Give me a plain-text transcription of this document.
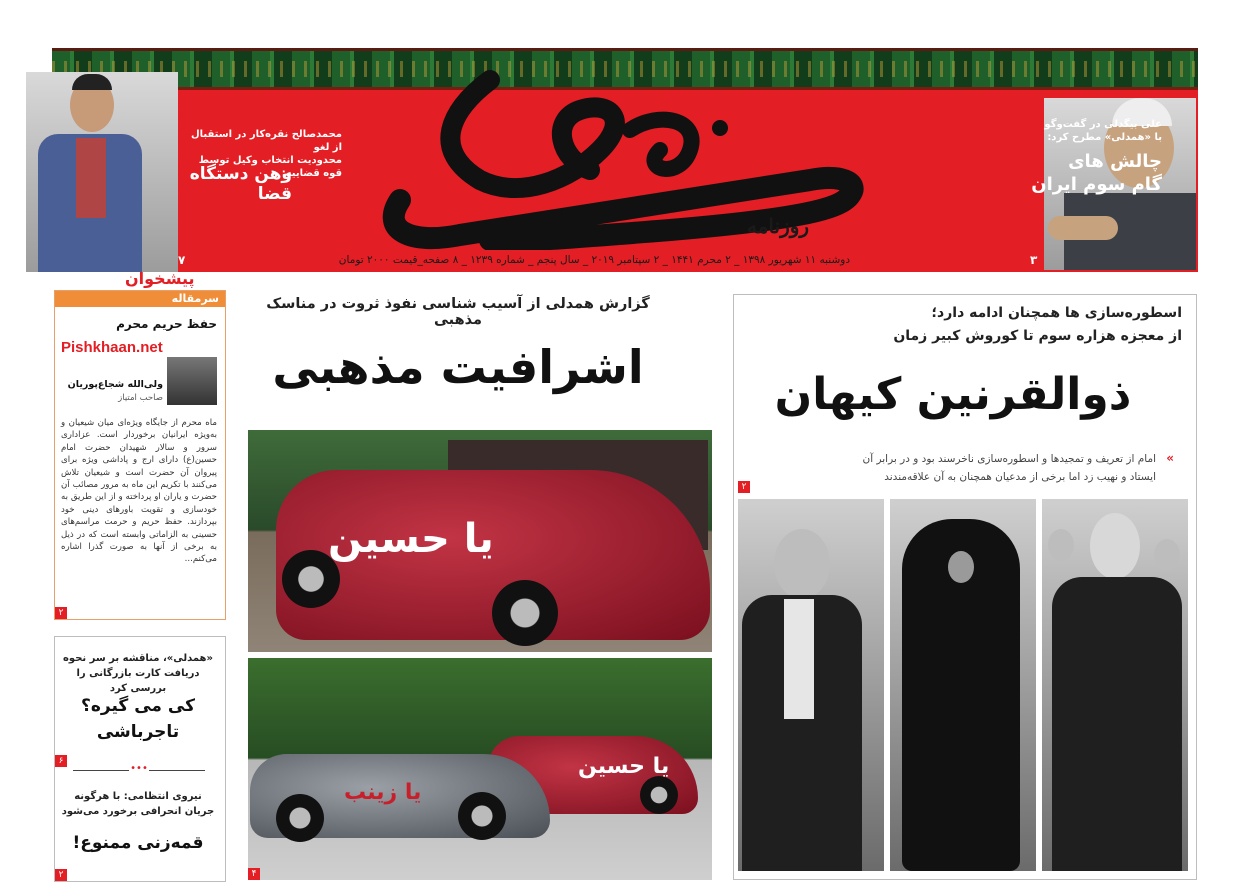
روزنامه
دوشنبه ۱۱ شهریور ۱۳۹۸ _ ۲ محرم ۱۴۴۱ _ ۲ سپتامبر ۲۰۱۹ _ سال پنجم _ شماره ۱۲۳۹ _ ۸ صفحه_قیمت ۲۰۰۰ تومان
علی بیگدلی در گفت‌وگو
با «همدلی» مطرح کرد:
چالش های
گام سوم ایران
۳
محمدصالح نقره‌کار در استقبال از لغو
محدودیت انتخاب وکیل توسط قوه قضاییه:
وهن دستگاه قضا
۷
سرمقاله
پیشخوان
حفظ حریم محرم
Pishkhaan.net
ولی‌الله شجاع‌پوریان
صاحب امتیاز
ماه محرم از جایگاه ویژه‌ای میان شیعیان و به‌ویژه ایرانیان برخوردار است. عزاداری سرور و سالار شهیدان حضرت امام حسین(ع) دارای ارج و پاداشی ویژه برای پیروان آن حضرت است و شیعیان تلاش می‌کنند با تکریم این ماه به مرور مصائب آن حضرت و یاران او پرداخته و از این طریق به خودسازی و تقویت باورهای دینی خود بپردازند. حفظ حریم و حرمت مراسم‌های حسینی به الزاماتی وابسته است که در ذیل به برخی از آنها به صورت گذرا اشاره می‌کنم...
۲
«همدلی»، مناقشه بر سر نحوه
دریافت کارت بازرگانی را بررسی کرد
کی می گیره؟
تاجرباشی
۶
•••
نیروی انتظامی: با هرگونه
جریان انحرافی برخورد می‌شود
قمه‌زنی ممنوع!
۲
گزارش همدلی از آسیب شناسی نفوذ ثروت در مناسک مذهبی
اشرافیت مذهبی
یا حسین
یا حسین
یا زینب
۴
اسطوره‌سازی ها همچنان ادامه دارد؛
از معجزه هزاره سوم تا کوروش کبیر زمان
ذوالقرنین کیهان
»
امام از تعریف و تمجیدها و اسطوره‌سازی ناخرسند بود و در برابر آن
ایستاد و نهیب زد اما برخی از مدعیان همچنان به آن علاقه‌مندند
۲
